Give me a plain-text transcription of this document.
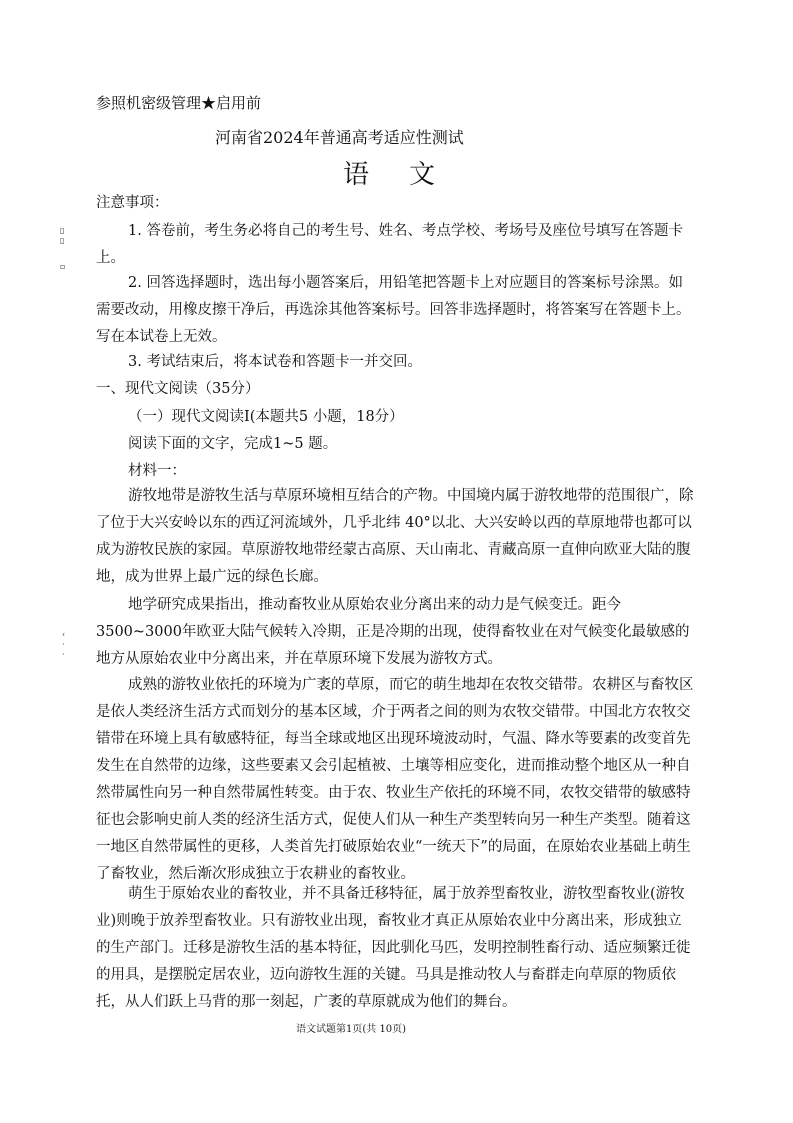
▯
▯
▫
‹
·
·
参照机密级管理★启用前
河南省2024年普通高考适应性测试
语 文
注意事项：
1. 答卷前，考生务必将自己的考生号、姓名、考点学校、考场号及座位号填写在答题卡上。
2. 回答选择题时，选出每小题答案后，用铅笔把答题卡上对应题目的答案标号涂黑。如需要改动，用橡皮擦干净后，再选涂其他答案标号。回答非选择题时，将答案写在答题卡上。写在本试卷上无效。
3. 考试结束后，将本试卷和答题卡一并交回。
一、现代文阅读（35分）
（一）现代文阅读Ⅰ(本题共5 小题，18分）
阅读下面的文字，完成1~5 题。
材料一：
游牧地带是游牧生活与草原环境相互结合的产物。中国境内属于游牧地带的范围很广，除了位于大兴安岭以东的西辽河流域外，几乎北纬 40°以北、大兴安岭以西的草原地带也都可以成为游牧民族的家园。草原游牧地带经蒙古高原、天山南北、青藏高原一直伸向欧亚大陆的腹地，成为世界上最广远的绿色长廊。
地学研究成果指出，推动畜牧业从原始农业分离出来的动力是气候变迁。距今3500~3000年欧亚大陆气候转入冷期，正是冷期的出现，使得畜牧业在对气候变化最敏感的地方从原始农业中分离出来，并在草原环境下发展为游牧方式。
成熟的游牧业依托的环境为广袤的草原，而它的萌生地却在农牧交错带。农耕区与畜牧区是依人类经济生活方式而划分的基本区域，介于两者之间的则为农牧交错带。中国北方农牧交错带在环境上具有敏感特征，每当全球或地区出现环境波动时，气温、降水等要素的改变首先发生在自然带的边缘，这些要素又会引起植被、土壤等相应变化，进而推动整个地区从一种自然带属性向另一种自然带属性转变。由于农、牧业生产依托的环境不同，农牧交错带的敏感特征也会影响史前人类的经济生活方式，促使人们从一种生产类型转向另一种生产类型。随着这一地区自然带属性的更移，人类首先打破原始农业“一统天下”的局面，在原始农业基础上萌生了畜牧业，然后渐次形成独立于农耕业的畜牧业。
萌生于原始农业的畜牧业，并不具备迁移特征，属于放养型畜牧业，游牧型畜牧业(游牧业)则晚于放养型畜牧业。只有游牧业出现，畜牧业才真正从原始农业中分离出来，形成独立的生产部门。迁移是游牧生活的基本特征，因此驯化马匹，发明控制牲畜行动、适应频繁迁徙的用具，是摆脱定居农业，迈向游牧生涯的关键。马具是推动牧人与畜群走向草原的物质依托，从人们跃上马背的那一刻起，广袤的草原就成为他们的舞台。
语文试题第1页(共 10页)
